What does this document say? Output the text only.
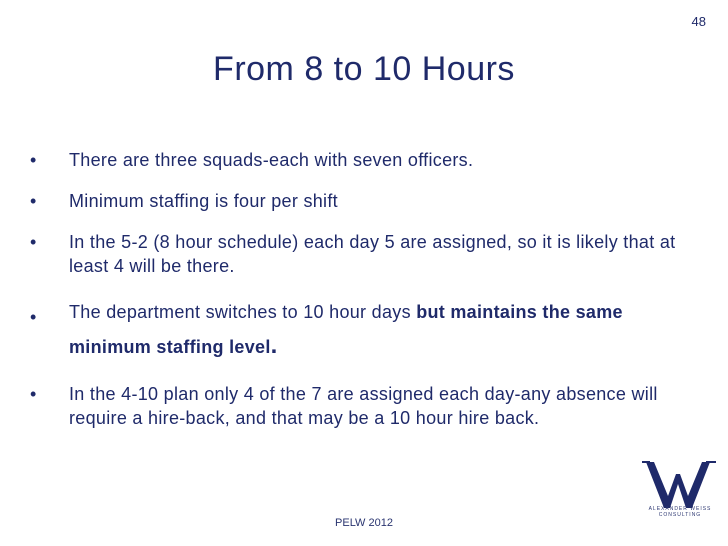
48
From 8 to 10 Hours
• There are three squads-each with seven officers.
• Minimum staffing is four per shift
• In the 5-2 (8 hour schedule) each day 5 are assigned, so it is likely that at least 4 will be there.
• The department switches to 10 hour days but maintains the same minimum staffing level.
• In the 4-10 plan only 4 of the 7 are assigned each day-any absence will require a hire-back, and that may be a 10 hour hire back.
ALEXANDER WEISS CONSULTING
PELW 2012
